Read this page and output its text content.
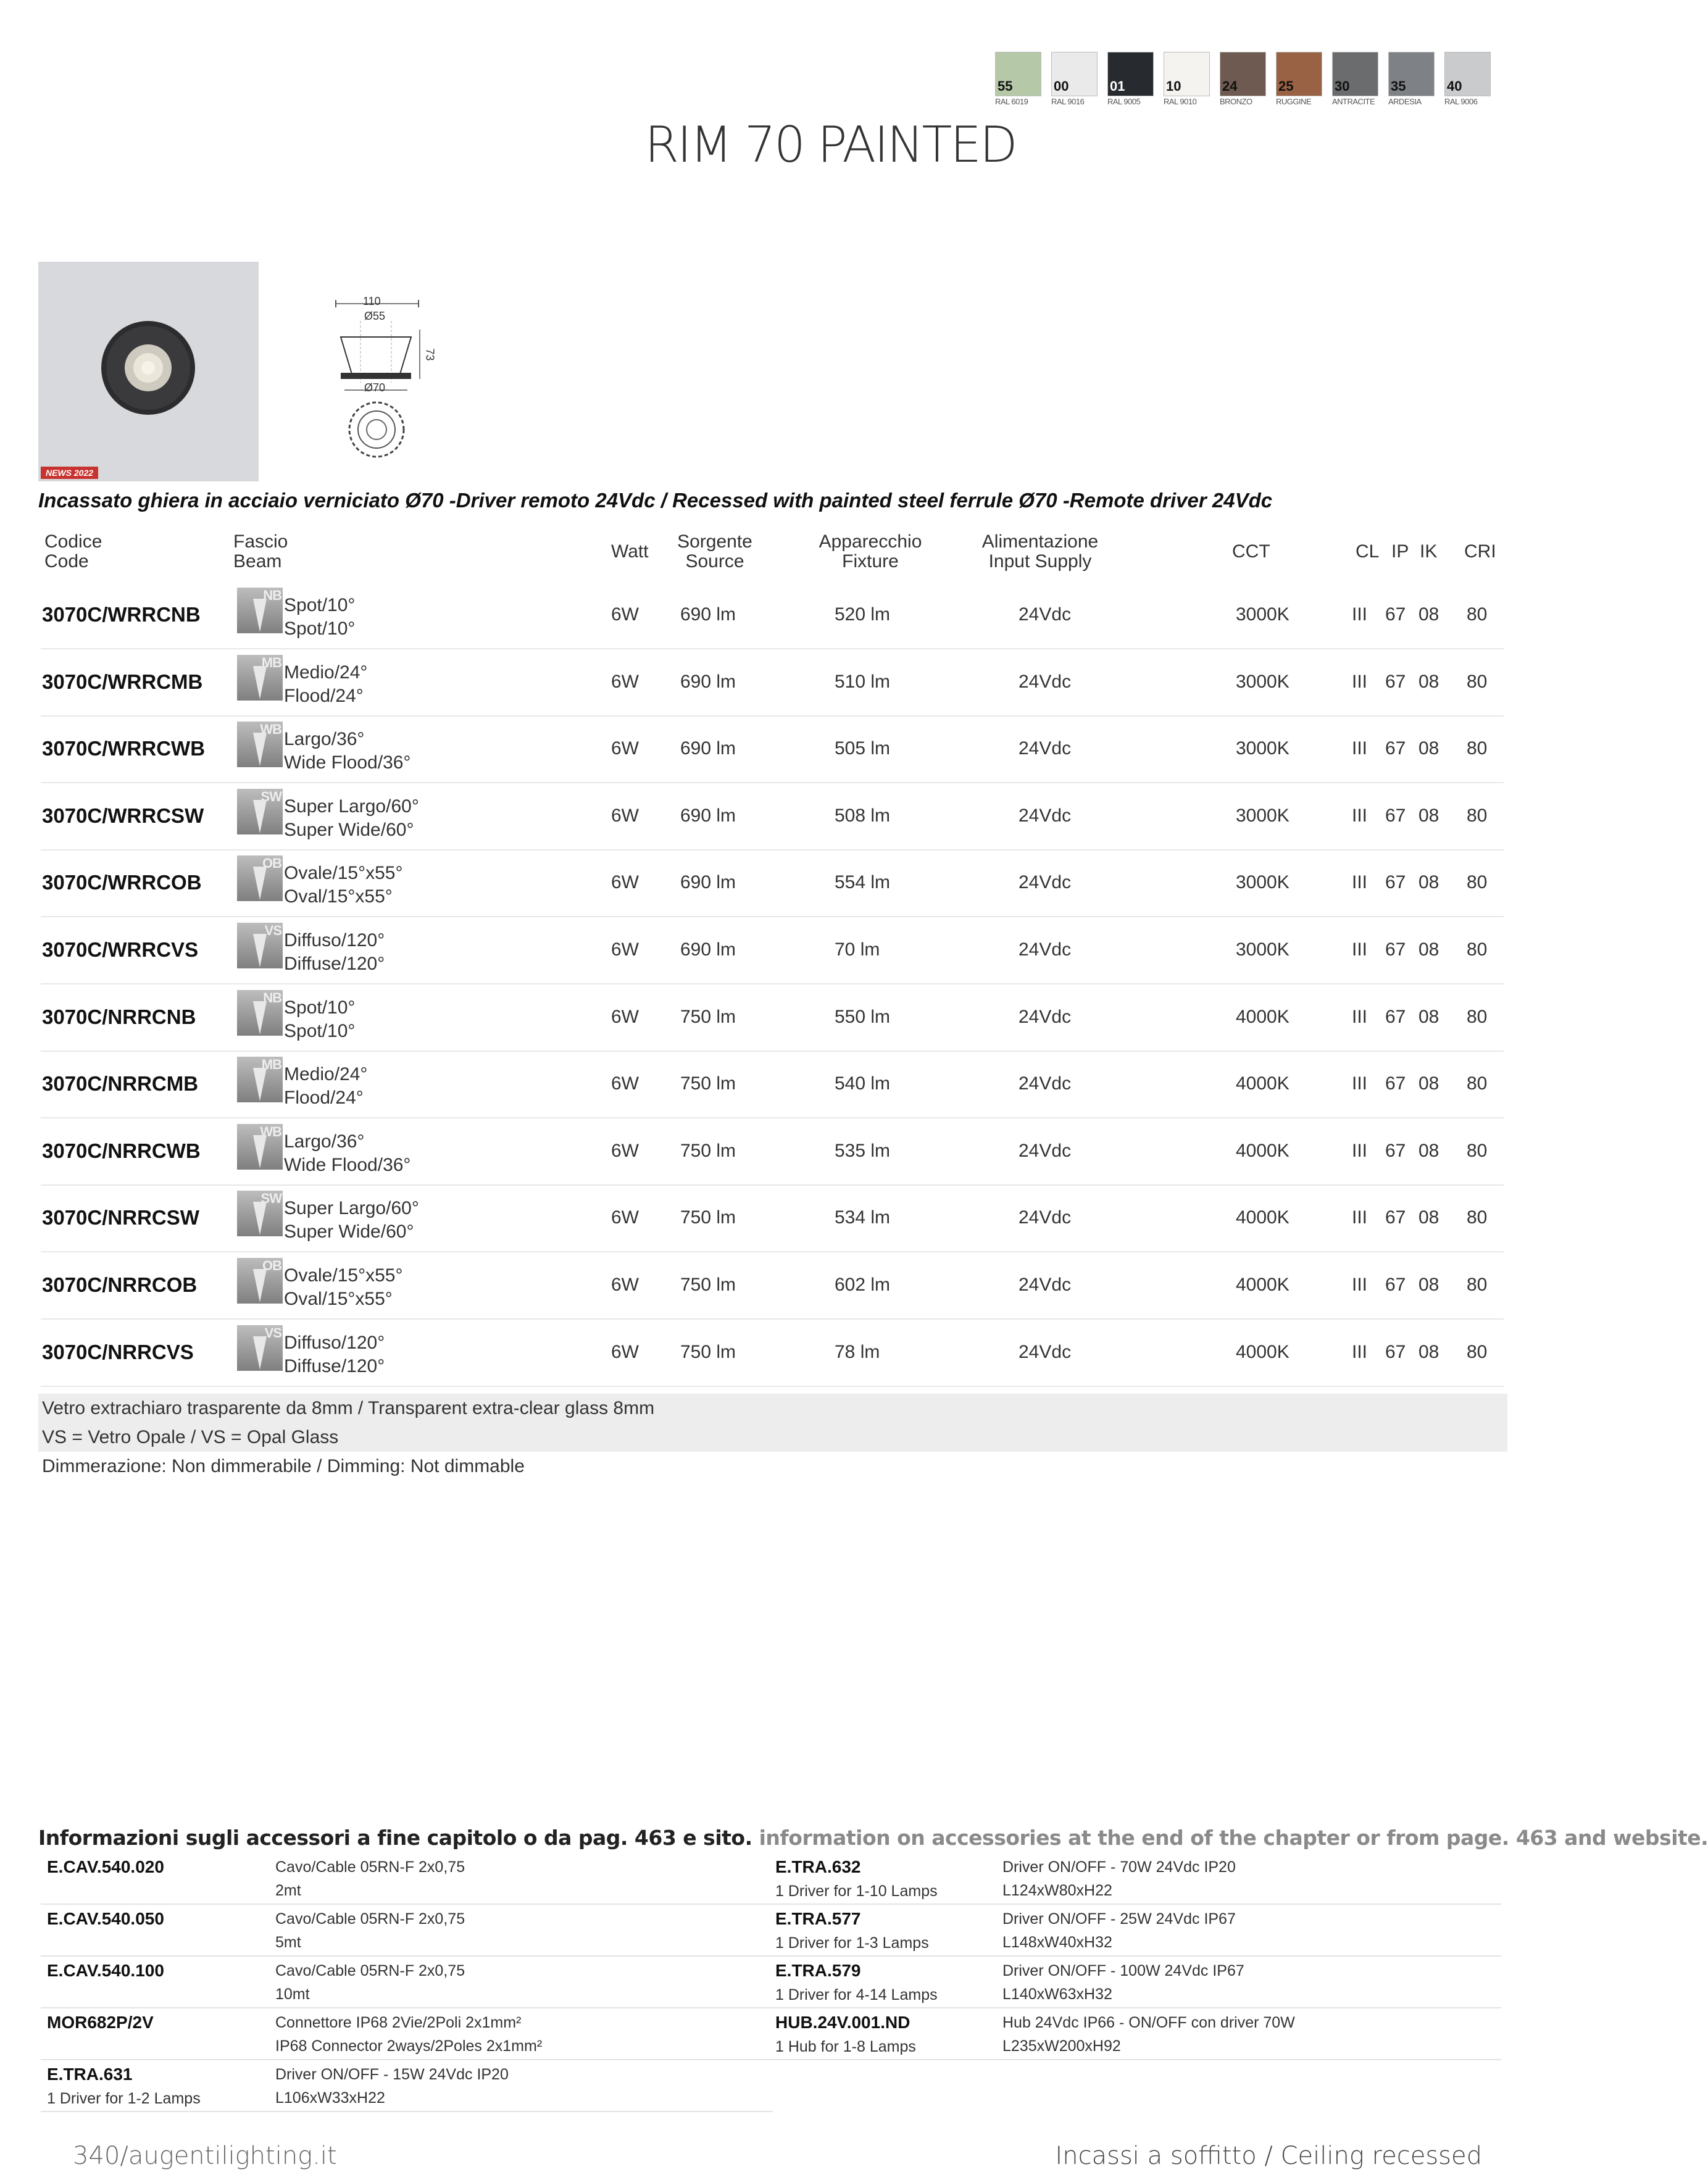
55
RAL 6019
00
RAL 9016
01
RAL 9005
10
RAL 9010
24
BRONZO
25
RUGGINE
30
ANTRACITE
35
ARDESIA
40
RAL 9006
RIM 70 PAINTED
NEWS 2022
110
Ø55
Ø70
73
Incassato ghiera in acciaio verniciato Ø70 -Driver remoto 24Vdc / Recessed with painted steel ferrule Ø70 -Remote driver 24Vdc
Codice
Code
Fascio
Beam	Watt	Sorgente
Source
Apparecchio
Fixture
Alimentazione
Input Supply	CCT	CL IP IK CRI
3070C/WRRCNB
NB Spot/10°
Spot/10°
6W 690 lm	520 lm	24Vdc	3000K	III 67 08 80
3070C/WRRCMB
MB Medio/24°
Flood/24°
6W 690 lm	510 lm	24Vdc	3000K	III 67 08 80
3070C/WRRCWB
WB Largo/36°
Wide Flood/36°
6W 690 lm	505 lm	24Vdc	3000K	III 67 08 80
3070C/WRRCSW
SW Super Largo/60°
Super Wide/60°
6W 690 lm	508 lm	24Vdc	3000K	III 67 08 80
3070C/WRRCOB
OB Ovale/15°x55°
Oval/15°x55°
6W 690 lm	554 lm	24Vdc	3000K	III 67 08 80
3070C/WRRCVS
VS Diffuso/120°
Diffuse/120°
6W 690 lm	70 lm	24Vdc	3000K	III 67 08 80
3070C/NRRCNB
NB Spot/10°
Spot/10°
6W 750 lm	550 lm	24Vdc	4000K	III 67 08 80
3070C/NRRCMB
MB Medio/24°
Flood/24°
6W 750 lm	540 lm	24Vdc	4000K	III 67 08 80
3070C/NRRCWB
WB Largo/36°
Wide Flood/36°
6W 750 lm	535 lm	24Vdc	4000K	III 67 08 80
3070C/NRRCSW
SW Super Largo/60°
Super Wide/60°
6W 750 lm	534 lm	24Vdc	4000K	III 67 08 80
3070C/NRRCOB
OB Ovale/15°x55°
Oval/15°x55°
6W 750 lm	602 lm	24Vdc	4000K	III 67 08 80
3070C/NRRCVS
VS Diffuso/120°
Diffuse/120°
6W 750 lm	78 lm	24Vdc	4000K	III 67 08 80
Vetro extrachiaro trasparente da 8mm / Transparent extra-clear glass 8mm
VS = Vetro Opale / VS = Opal Glass
Dimmerazione: Non dimmerabile / Dimming: Not dimmable
Informazioni sugli accessori a fine capitolo o da pag. 463 e sito. information on accessories at the end of the chapter or from page. 463 and website.
E.CAV.540.020	Cavo/Cable 05RN-F 2x0,75
2mt
E.CAV.540.050	Cavo/Cable 05RN-F 2x0,75
5mt
E.CAV.540.100	Cavo/Cable 05RN-F 2x0,75
10mt
MOR682P/2V	Connettore IP68 2Vie/2Poli 2x1mm²
IP68 Connector 2ways/2Poles 2x1mm²
E.TRA.631
1 Driver for 1-2 Lamps
Driver ON/OFF - 15W 24Vdc IP20
L106xW33xH22
E.TRA.632
1 Driver for 1-10 Lamps
Driver ON/OFF - 70W 24Vdc IP20
L124xW80xH22
E.TRA.577
1 Driver for 1-3 Lamps
Driver ON/OFF - 25W 24Vdc IP67
L148xW40xH32
E.TRA.579
1 Driver for 4-14 Lamps
Driver ON/OFF - 100W 24Vdc IP67
L140xW63xH32
HUB.24V.001.ND
1 Hub for 1-8 Lamps
Hub 24Vdc IP66 - ON/OFF con driver 70W
L235xW200xH92
340/augentilighting.it	Incassi a soffitto / Ceiling recessed
